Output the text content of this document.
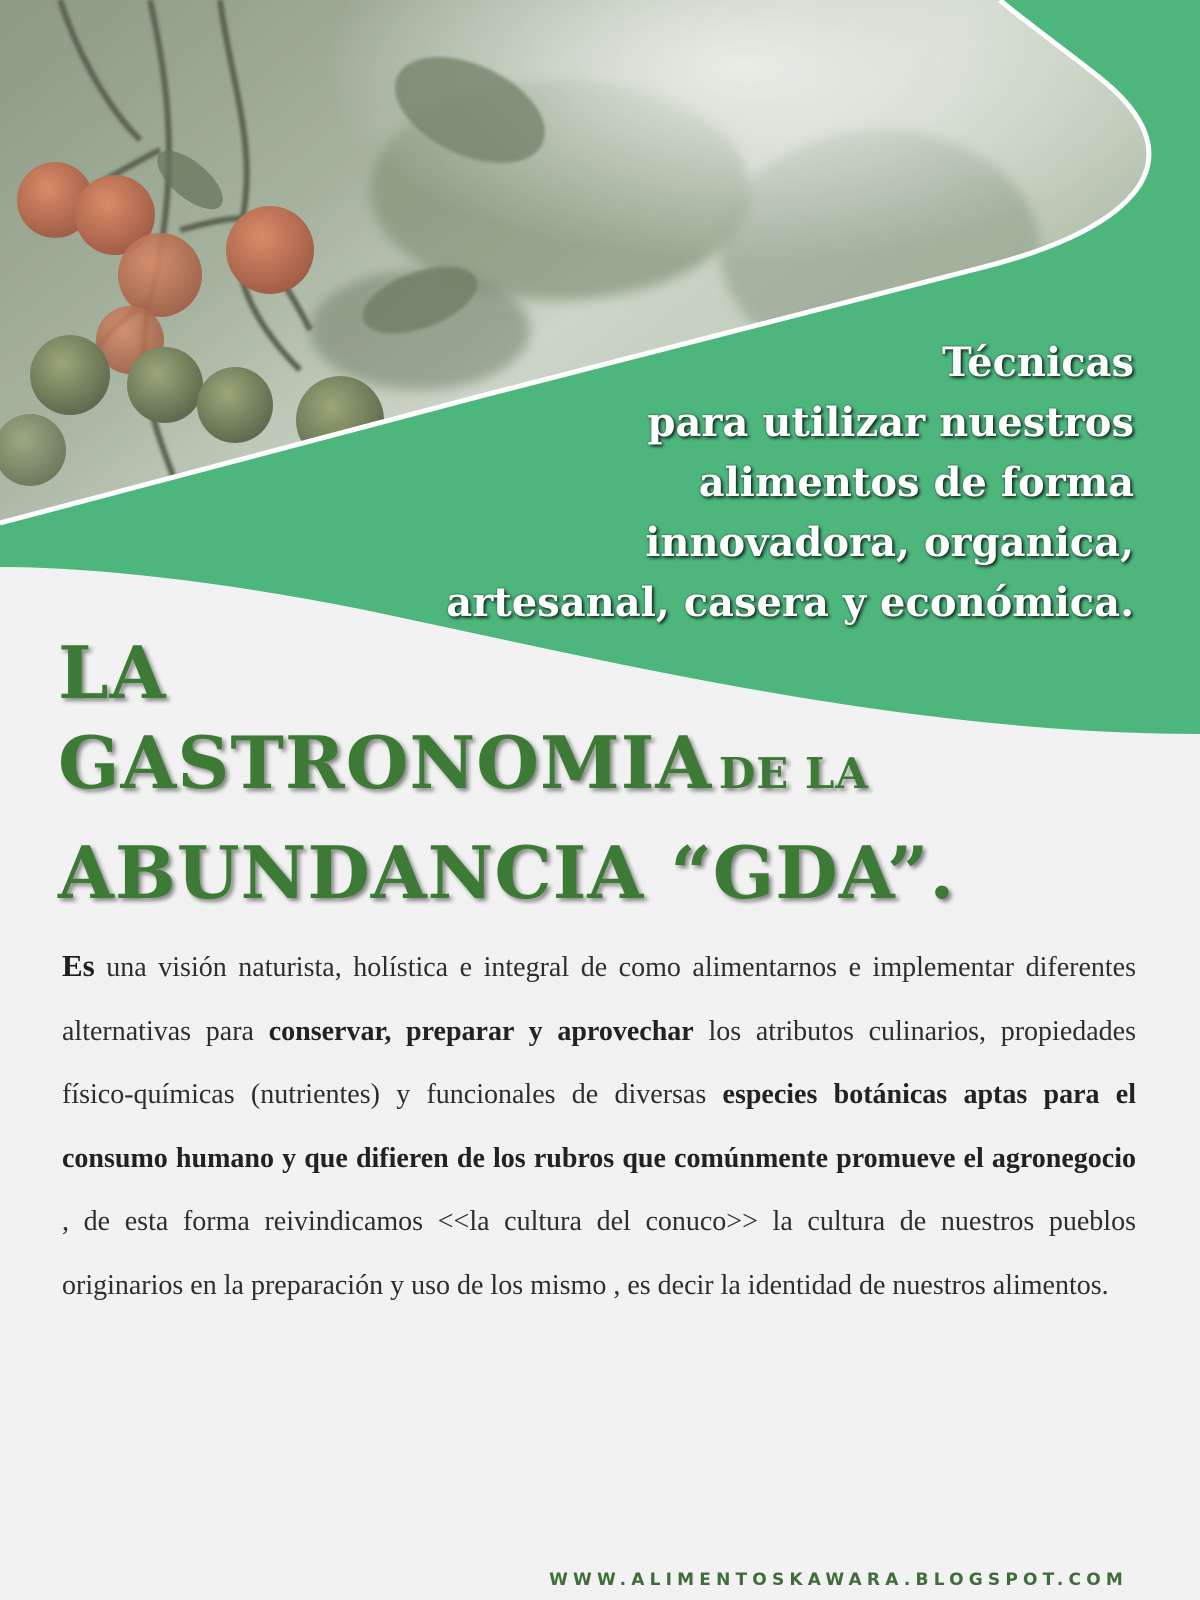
Técnicas
para utilizar nuestros
alimentos de forma
innovadora, organica,
artesanal, casera y económica.
LA
GASTRONOMIA DE LA
ABUNDANCIA “GDA”.
Es una visión naturista, holística e integral de como alimentarnos e implementar diferentes alternativas para conservar, preparar y aprovechar los atributos culinarios, propiedades físico-químicas (nutrientes) y funcionales de diversas especies botánicas aptas para el consumo humano y que difieren de los rubros que comúnmente promueve el agronegocio , de esta forma reivindicamos <<la cultura del conuco>> la cultura de nuestros pueblos originarios en la preparación y uso de los mismo , es decir la identidad de nuestros alimentos.
WWW.ALIMENTOSKAWARA.BLOGSPOT.COM
